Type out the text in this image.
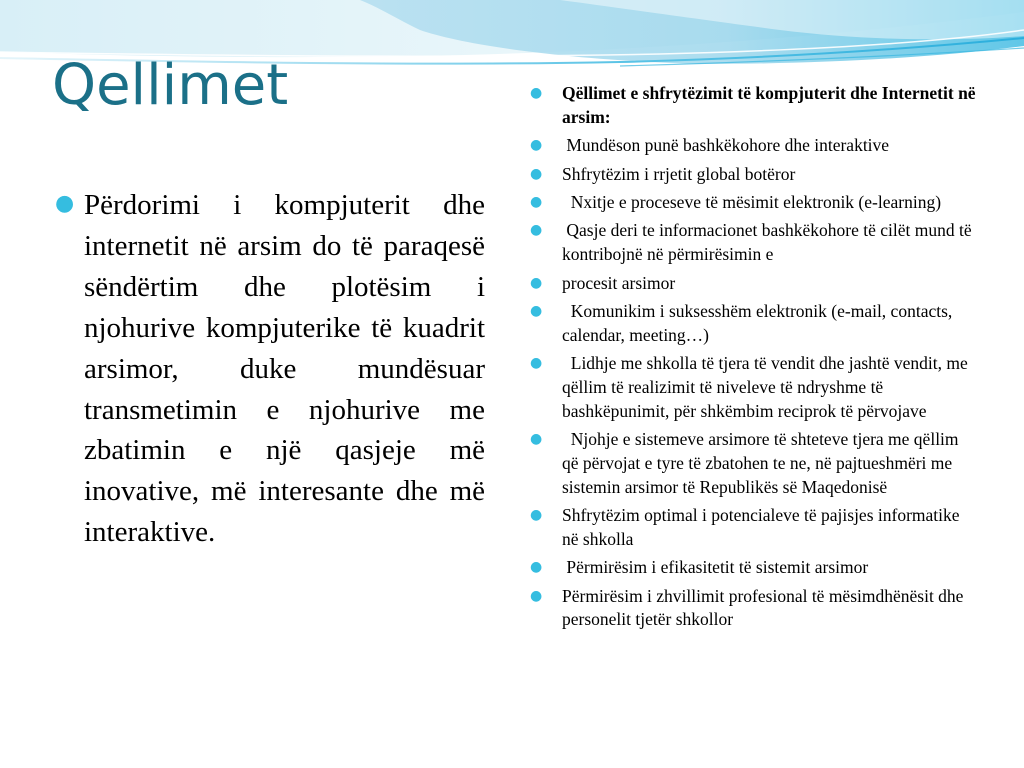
Qellimet
● Përdorimi i kompjuterit dhe internetit në arsim do të paraqesë sëndërtim dhe plotësim i njohurive kompjuterike të kuadrit arsimor, duke mundësuar transmetimin e njohurive me zbatimin e një qasjeje më inovative, më interesante dhe më interaktive.

● Qëllimet e shfrytëzimit të kompjuterit dhe Internetit në arsim:
● Mundëson punë bashkëkohore dhe interaktive
● Shfrytëzim i rrjetit global botëror
● Nxitje e proceseve të mësimit elektronik (e-learning)
● Qasje deri te informacionet bashkëkohore të cilët mund të kontribojnë në përmirësimin e
● procesit arsimor
● Komunikim i suksesshëm elektronik (e-mail, contacts, calendar, meeting…)
● Lidhje me shkolla të tjera të vendit dhe jashtë vendit, me qëllim të realizimit të niveleve të ndryshme të bashkëpunimit, për shkëmbim reciprok të përvojave
● Njohje e sistemeve arsimore të shteteve tjera me qëllim që përvojat e tyre të zbatohen te ne, në pajtueshmëri me sistemin arsimor të Republikës së Maqedonisë
● Shfrytëzim optimal i potencialeve të pajisjes informatike në shkolla
● Përmirësim i efikasitetit të sistemit arsimor
● Përmirësim i zhvillimit profesional të mësimdhënësit dhe personelit tjetër shkollor
